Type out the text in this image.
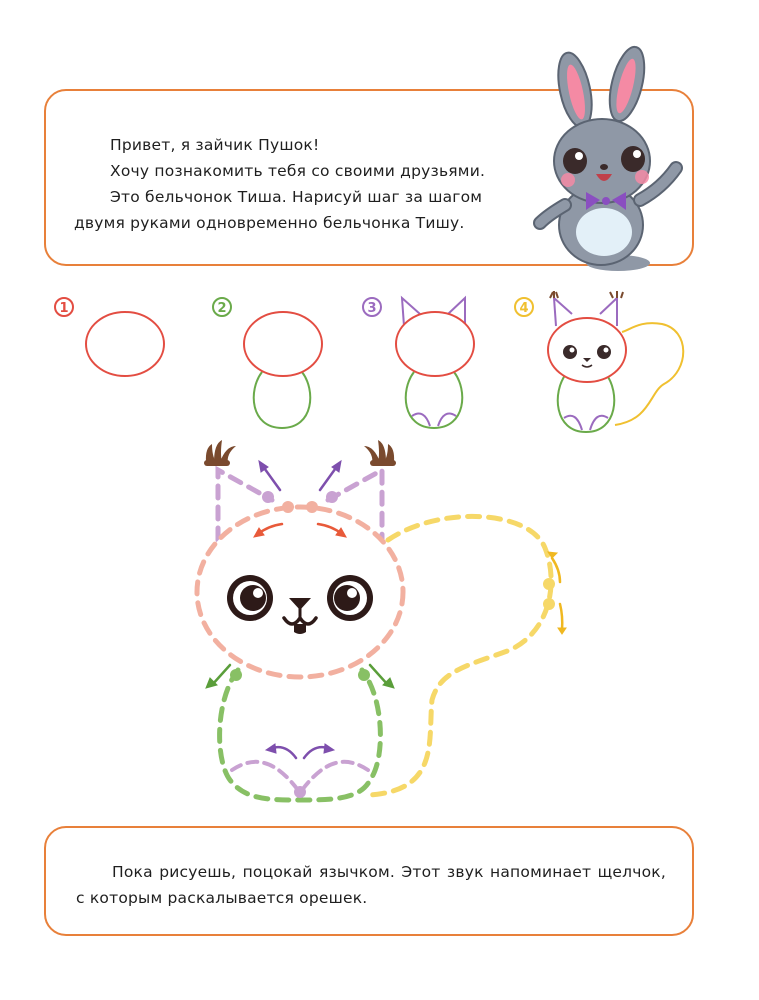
Привет, я зайчик Пушок!
Хочу познакомить тебя со своими друзьями.
Это бельчонок Тиша. Нарисуй шаг за шагом
двумя руками одновременно бельчонка Тишу.
1	2	3	4
Пока рисуешь, поцокай язычком. Этот звук напоминает щелчок, с которым раскалывается орешек.
